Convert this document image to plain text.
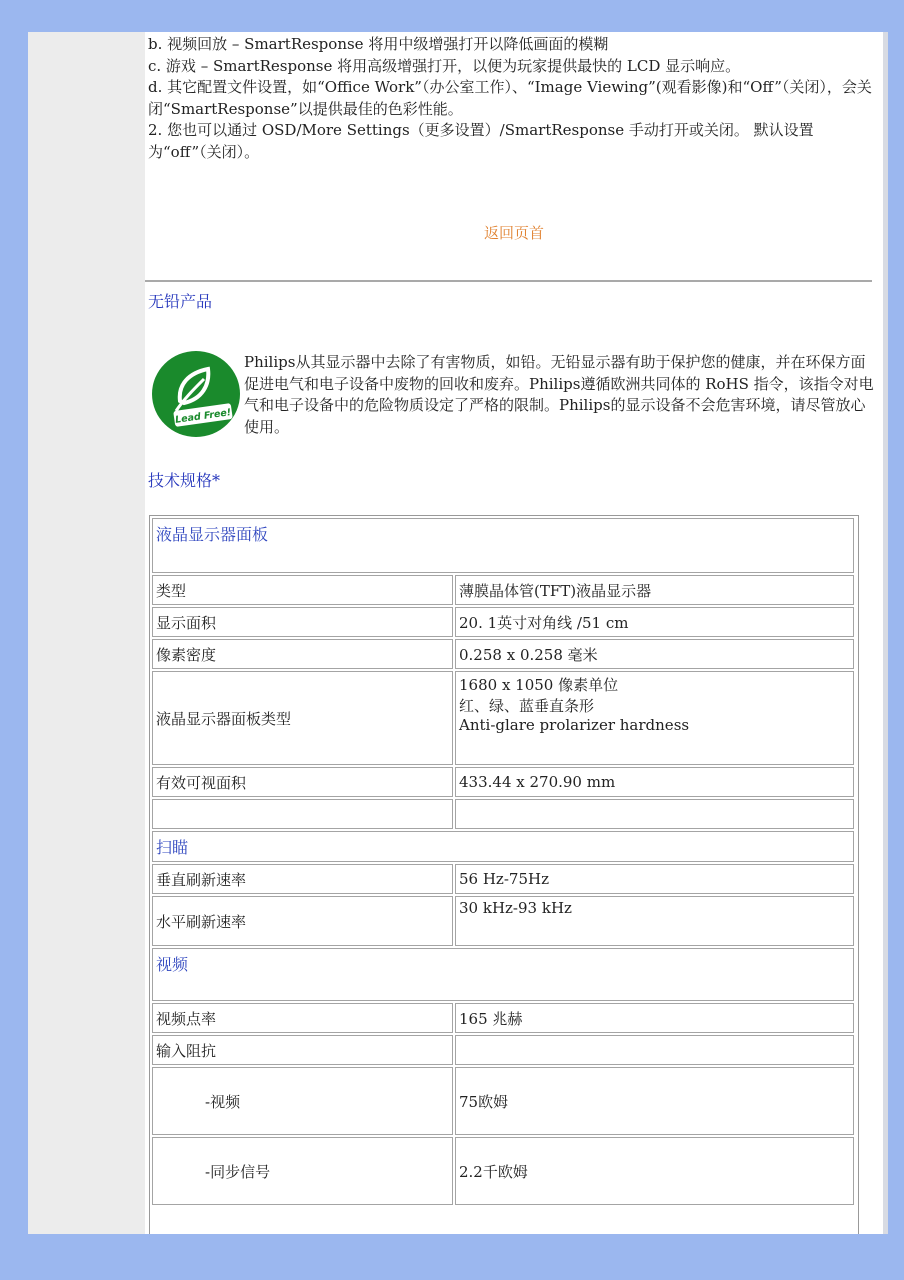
b. 视频回放 – SmartResponse 将用中级增强打开以降低画面的模糊

c. 游戏 – SmartResponse 将用高级增强打开，以便为玩家提供最快的 LCD 显示响应。

d. 其它配置文件设置，如“Office Work”（办公室工作）、“Image Viewing”(观看影像)和“Off”（关闭），会关闭“SmartResponse”以提供最佳的色彩性能。

2. 您也可以通过 OSD/More Settings（更多设置）/SmartResponse 手动打开或关闭。 默认设置为“off”（关闭）。

返回页首
无铅产品
Lead Free!

Philips从其显示器中去除了有害物质，如铅。无铅显示器有助于保护您的健康，并在环保方面促进电气和电子设备中废物的回收和废弃。Philips遵循欧洲共同体的 RoHS 指令，该指令对电气和电子设备中的危险物质设定了严格的限制。Philips的显示设备不会危害环境，请尽管放心使用。

技术规格*
液晶显示器面板	
类型	薄膜晶体管(TFT)液晶显示器
显示面积	20. 1英寸对角线 /51 cm
像素密度	0.258 x 0.258 毫米
液晶显示器面板类型	1680 x 1050 像素单位
红、绿、蓝垂直条形
Anti-glare prolarizer hardness

有效可视面积	433.44 x 270.90 mm

扫瞄	
垂直刷新速率	56 Hz-75Hz
水平刷新速率	30 kHz-93 kHz
视频	
视频点率	165 兆赫
输入阻抗	
-视频	75欧姆
-同步信号	2.2千欧姆
